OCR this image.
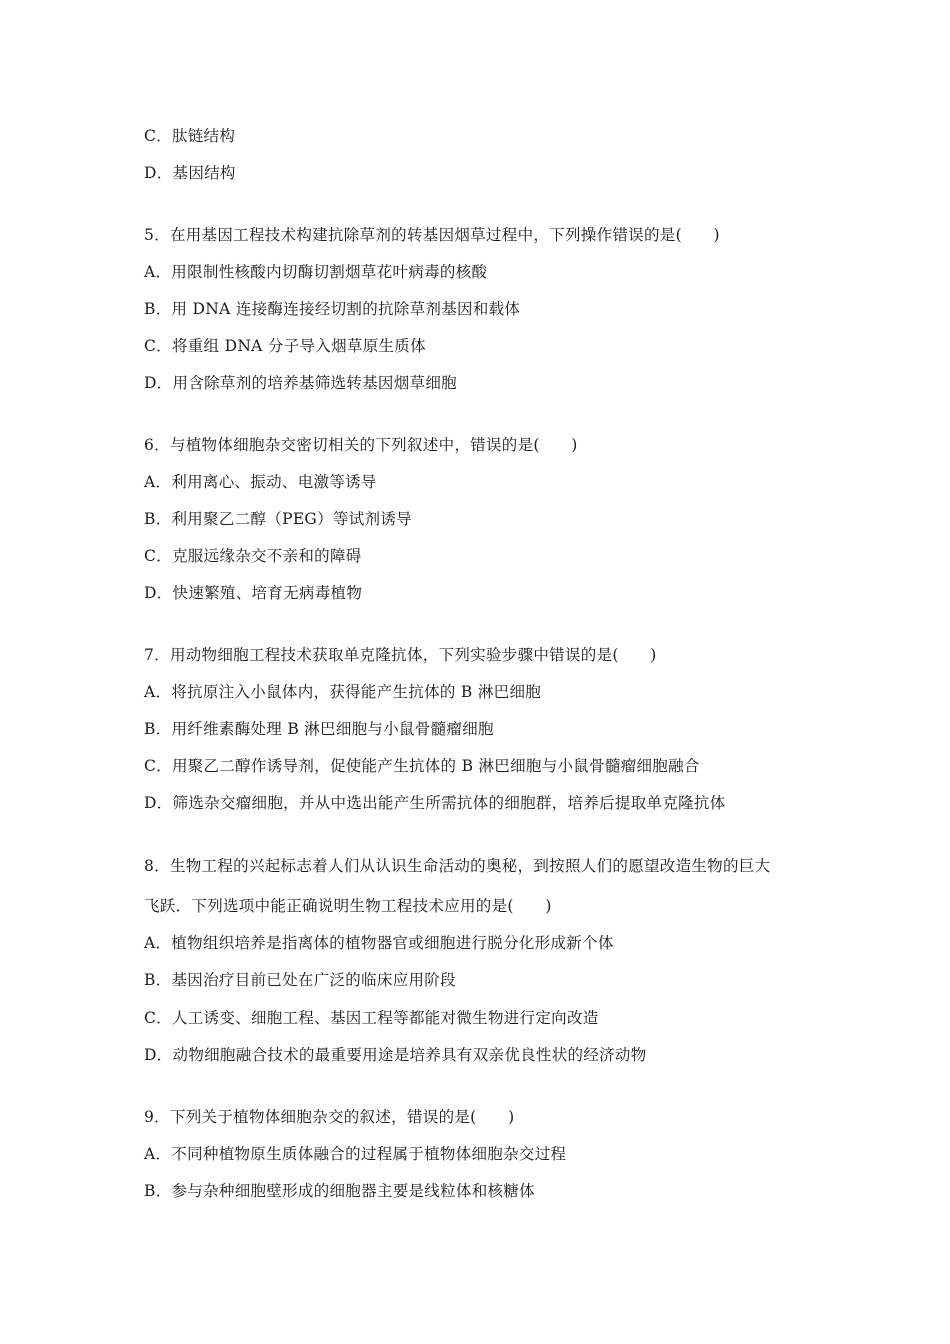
C．肽链结构
D．基因结构
5．在用基因工程技术构建抗除草剂的转基因烟草过程中，下列操作错误的是(　　)
A．用限制性核酸内切酶切割烟草花叶病毒的核酸
B．用 DNA 连接酶连接经切割的抗除草剂基因和载体
C．将重组 DNA 分子导入烟草原生质体
D．用含除草剂的培养基筛选转基因烟草细胞
6．与植物体细胞杂交密切相关的下列叙述中，错误的是(　　)
A．利用离心、振动、电激等诱导
B．利用聚乙二醇（PEG）等试剂诱导
C．克服远缘杂交不亲和的障碍
D．快速繁殖、培育无病毒植物
7．用动物细胞工程技术获取单克隆抗体，下列实验步骤中错误的是(　　)
A．将抗原注入小鼠体内，获得能产生抗体的 B 淋巴细胞
B．用纤维素酶处理 B 淋巴细胞与小鼠骨髓瘤细胞
C．用聚乙二醇作诱导剂，促使能产生抗体的 B 淋巴细胞与小鼠骨髓瘤细胞融合
D．筛选杂交瘤细胞，并从中选出能产生所需抗体的细胞群，培养后提取单克隆抗体
8．生物工程的兴起标志着人们从认识生命活动的奥秘，到按照人们的愿望改造生物的巨大
飞跃．下列选项中能正确说明生物工程技术应用的是(　　)
A．植物组织培养是指离体的植物器官或细胞进行脱分化形成新个体
B．基因治疗目前已处在广泛的临床应用阶段
C．人工诱变、细胞工程、基因工程等都能对微生物进行定向改造
D．动物细胞融合技术的最重要用途是培养具有双亲优良性状的经济动物
9．下列关于植物体细胞杂交的叙述，错误的是(　　)
A．不同种植物原生质体融合的过程属于植物体细胞杂交过程
B．参与杂种细胞壁形成的细胞器主要是线粒体和核糖体
